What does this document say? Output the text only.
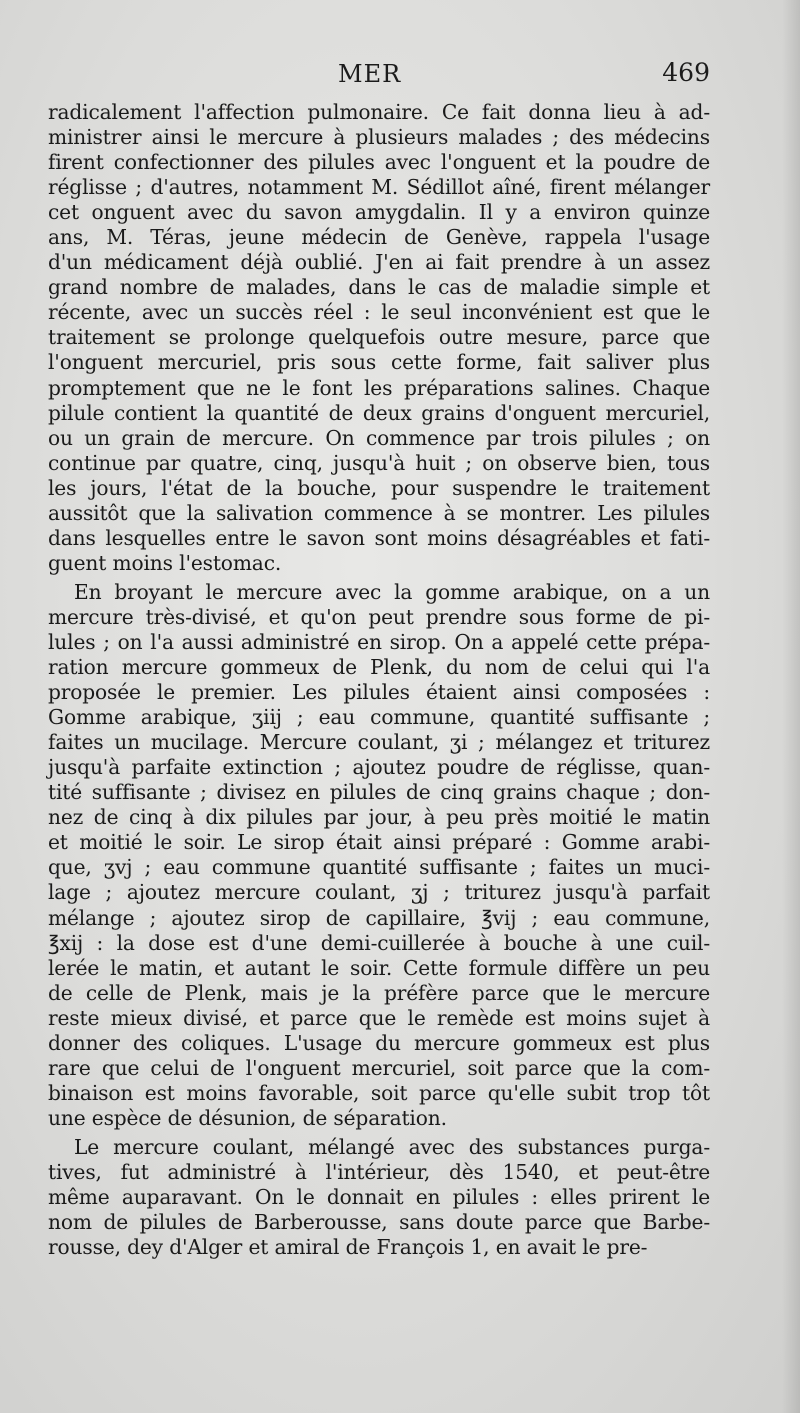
MER	469
radicalement l'affection pulmonaire. Ce fait donna lieu à ad-
ministrer ainsi le mercure à plusieurs malades ; des médecins
firent confectionner des pilules avec l'onguent et la poudre de
réglisse ; d'autres, notamment M. Sédillot aîné, firent mélanger
cet onguent avec du savon amygdalin. Il y a environ quinze
ans, M. Téras, jeune médecin de Genève, rappela l'usage
d'un médicament déjà oublié. J'en ai fait prendre à un assez
grand nombre de malades, dans le cas de maladie simple et
récente, avec un succès réel : le seul inconvénient est que le
traitement se prolonge quelquefois outre mesure, parce que
l'onguent mercuriel, pris sous cette forme, fait saliver plus
promptement que ne le font les préparations salines. Chaque
pilule contient la quantité de deux grains d'onguent mercuriel,
ou un grain de mercure. On commence par trois pilules ; on
continue par quatre, cinq, jusqu'à huit ; on observe bien, tous
les jours, l'état de la bouche, pour suspendre le traitement
aussitôt que la salivation commence à se montrer. Les pilules
dans lesquelles entre le savon sont moins désagréables et fati-
guent moins l'estomac.
En broyant le mercure avec la gomme arabique, on a un
mercure très-divisé, et qu'on peut prendre sous forme de pi-
lules ; on l'a aussi administré en sirop. On a appelé cette prépa-
ration mercure gommeux de Plenk, du nom de celui qui l'a
proposée le premier. Les pilules étaient ainsi composées :
Gomme arabique, ʒiij ; eau commune, quantité suffisante ;
faites un mucilage. Mercure coulant, ʒi ; mélangez et triturez
jusqu'à parfaite extinction ; ajoutez poudre de réglisse, quan-
tité suffisante ; divisez en pilules de cinq grains chaque ; don-
nez de cinq à dix pilules par jour, à peu près moitié le matin
et moitié le soir. Le sirop était ainsi préparé : Gomme arabi-
que, ʒvj ; eau commune quantité suffisante ; faites un muci-
lage ; ajoutez mercure coulant, ʒj ; triturez jusqu'à parfait
mélange ; ajoutez sirop de capillaire, ℥vij ; eau commune,
℥xij : la dose est d'une demi-cuillerée à bouche à une cuil-
lerée le matin, et autant le soir. Cette formule diffère un peu
de celle de Plenk, mais je la préfère parce que le mercure
reste mieux divisé, et parce que le remède est moins sujet à
donner des coliques. L'usage du mercure gommeux est plus
rare que celui de l'onguent mercuriel, soit parce que la com-
binaison est moins favorable, soit parce qu'elle subit trop tôt
une espèce de désunion, de séparation.
Le mercure coulant, mélangé avec des substances purga-
tives, fut administré à l'intérieur, dès 1540, et peut-être
même auparavant. On le donnait en pilules : elles prirent le
nom de pilules de Barberousse, sans doute parce que Barbe-
rousse, dey d'Alger et amiral de François 1, en avait le pre-
